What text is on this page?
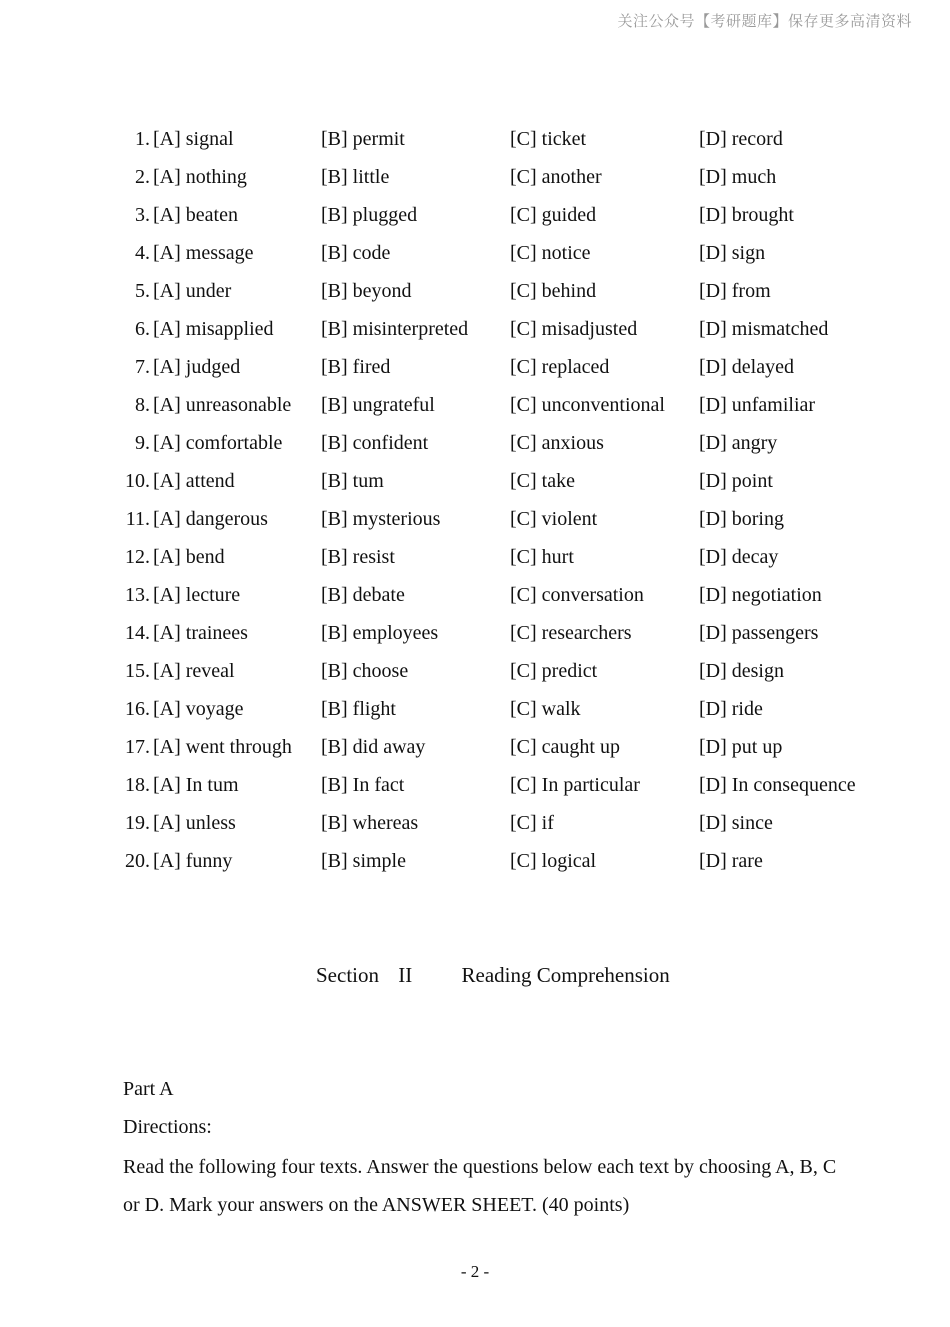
关注公众号【考研题库】保存更多高清资料
1. [A] signal	[B] permit	[C] ticket	[D] record
2. [A] nothing	[B] little	[C] another	[D] much
3. [A] beaten	[B] plugged	[C] guided	[D] brought
4. [A] message	[B] code	[C] notice	[D] sign
5. [A] under	[B] beyond	[C] behind	[D] from
6. [A] misapplied [B] misinterpreted [C] misadjusted	[D] mismatched
7. [A] judged	[B] fired	[C] replaced	[D] delayed
8. [A] unreasonable [B] ungrateful	[C] unconventional [D] unfamiliar
9. [A] comfortable [B] confident	[C] anxious	[D] angry
10. [A] attend	[B] tum	[C] take	[D] point
11. [A] dangerous	[B] mysterious	[C] violent	[D] boring
12. [A] bend	[B] resist	[C] hurt	[D] decay
13. [A] lecture	[B] debate	[C] conversation	[D] negotiation
14. [A] trainees	[B] employees	[C] researchers	[D] passengers
15. [A] reveal	[B] choose	[C] predict	[D] design
16. [A] voyage	[B] flight	[C] walk	[D] ride
17. [A] went through [B] did away	[C] caught up	[D] put up
18. [A] In tum	[B] In fact	[C] In particular	[D] In consequence
19. [A] unless	[B] whereas	[C] if	[D] since
20. [A] funny	[B] simple	[C] logical	[D] rare
Section II Reading Comprehension
Part A
Directions:
Read the following four texts. Answer the questions below each text by choosing A, B, C or D. Mark your answers on the ANSWER SHEET. (40 points)
- 2 -
